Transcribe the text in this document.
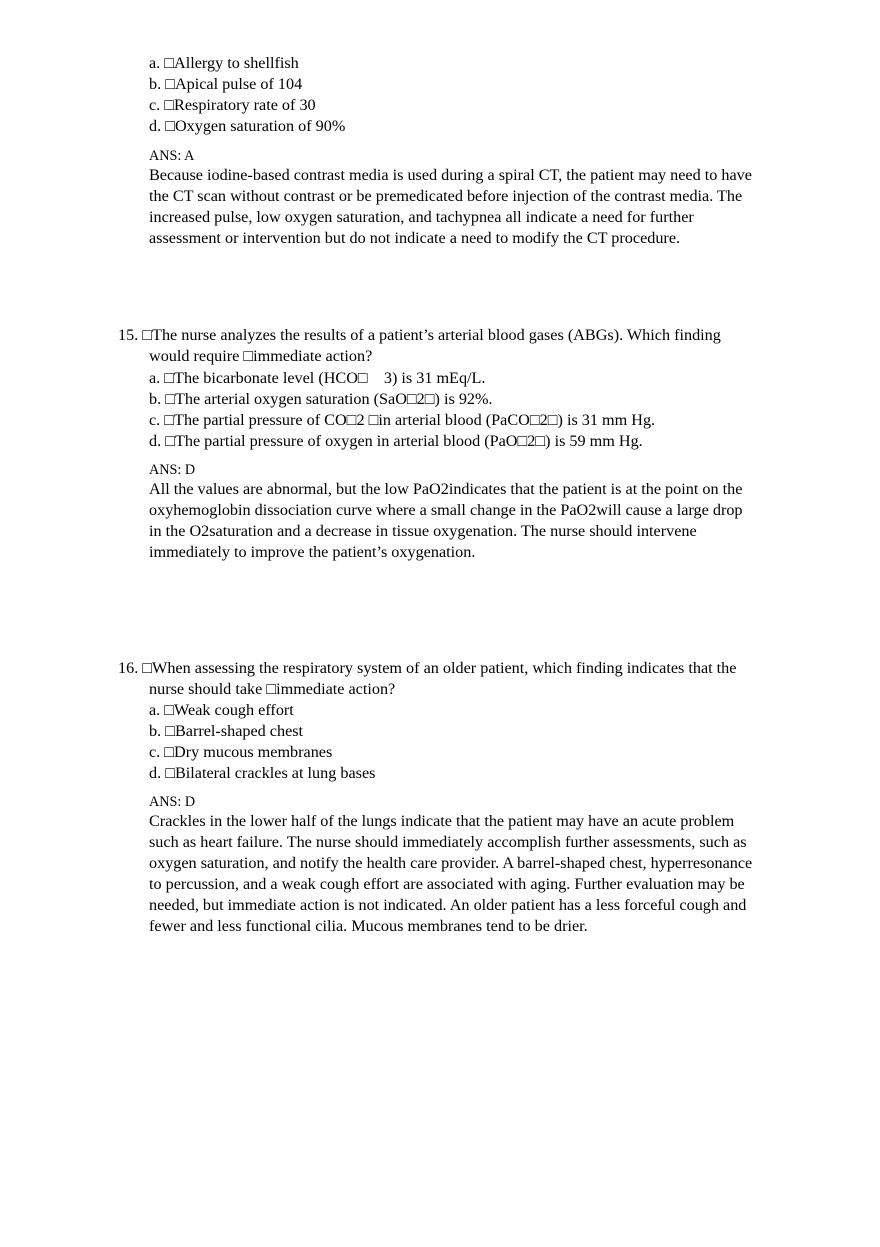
a. □Allergy to shellfish
b. □Apical pulse of 104
c. □Respiratory rate of 30
d. □Oxygen saturation of 90%
ANS: A
Because iodine-based contrast media is used during a spiral CT, the patient may need to have
the CT scan without contrast or be premedicated before injection of the contrast media. The
increased pulse, low oxygen saturation, and tachypnea all indicate a need for further
assessment or intervention but do not indicate a need to modify the CT procedure.
15. □The nurse analyzes the results of a patient’s arterial blood gases (ABGs). Which finding
would require □immediate action?
a. □The bicarbonate level (HCO□ 3) is 31 mEq/L.
b. □The arterial oxygen saturation (SaO□2□) is 92%.
c. □The partial pressure of CO□2 □in arterial blood (PaCO□2□) is 31 mm Hg.
d. □The partial pressure of oxygen in arterial blood (PaO□2□) is 59 mm Hg.
ANS: D
All the values are abnormal, but the low PaO2indicates that the patient is at the point on the
oxyhemoglobin dissociation curve where a small change in the PaO2will cause a large drop
in the O2saturation and a decrease in tissue oxygenation. The nurse should intervene
immediately to improve the patient’s oxygenation.
16. □When assessing the respiratory system of an older patient, which finding indicates that the
nurse should take □immediate action?
a. □Weak cough effort
b. □Barrel-shaped chest
c. □Dry mucous membranes
d. □Bilateral crackles at lung bases
ANS: D
Crackles in the lower half of the lungs indicate that the patient may have an acute problem
such as heart failure. The nurse should immediately accomplish further assessments, such as
oxygen saturation, and notify the health care provider. A barrel-shaped chest, hyperresonance
to percussion, and a weak cough effort are associated with aging. Further evaluation may be
needed, but immediate action is not indicated. An older patient has a less forceful cough and
fewer and less functional cilia. Mucous membranes tend to be drier.
